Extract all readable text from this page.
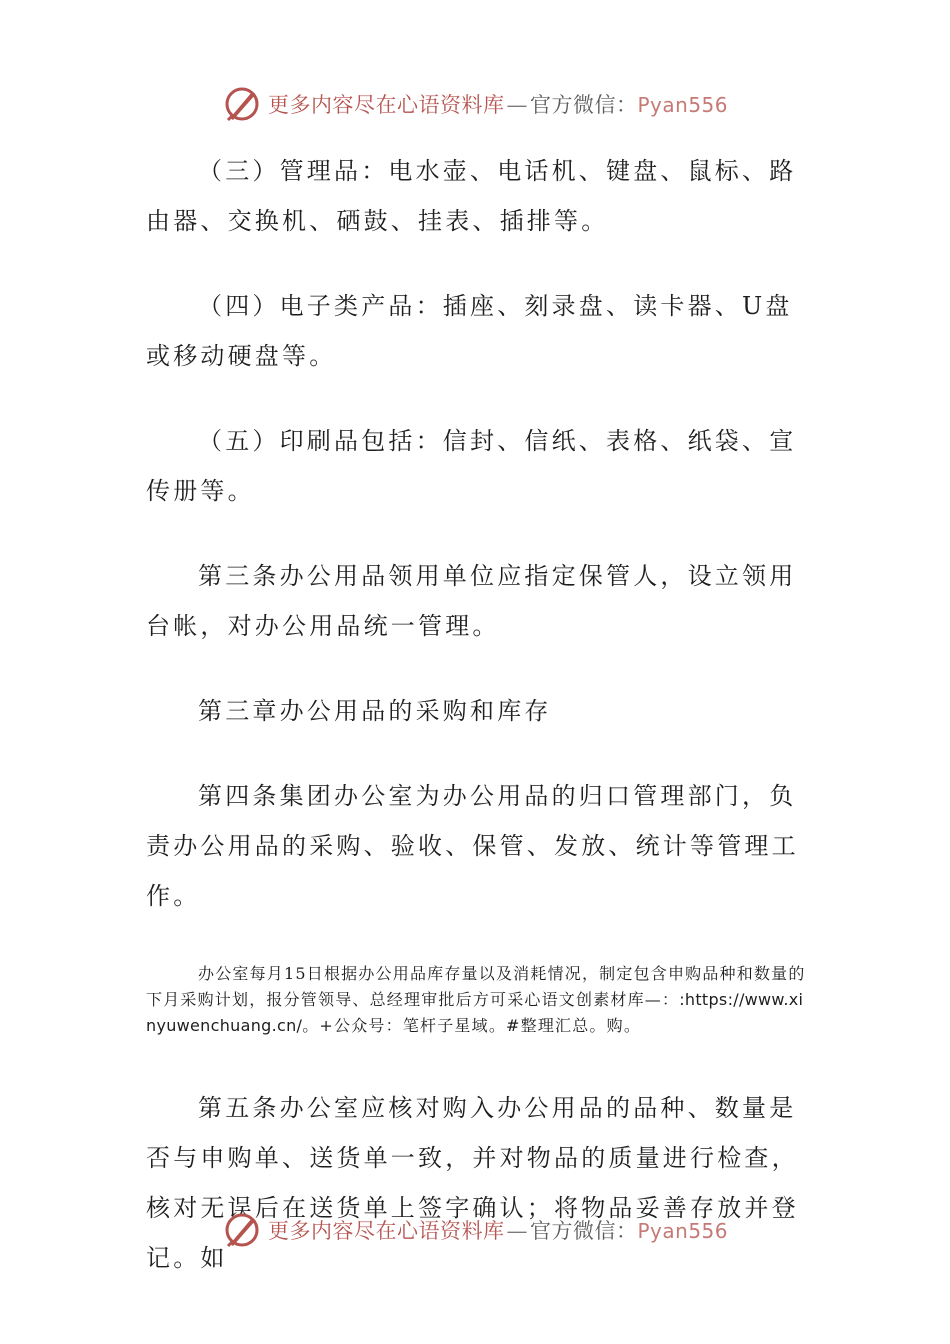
更多内容尽在心语资料库—官方微信：Pyan556

（三）管理品：电水壶、电话机、键盘、鼠标、路由器、交换机、硒鼓、挂表、插排等。

（四）电子类产品：插座、刻录盘、读卡器、U盘或移动硬盘等。

（五）印刷品包括：信封、信纸、表格、纸袋、宣传册等。

第三条办公用品领用单位应指定保管人，设立领用台帐，对办公用品统一管理。

第三章办公用品的采购和库存

第四条集团办公室为办公用品的归口管理部门，负责办公用品的采购、验收、保管、发放、统计等管理工作。

办公室每月15日根据办公用品库存量以及消耗情况，制定包含申购品种和数量的下月采购计划，报分管领导、总经理审批后方可采心语文创素材库—：:https://www.xinyuwenchuang.cn/。+公众号：笔杆子星域。#整理汇总。购。

第五条办公室应核对购入办公用品的品种、数量是否与申购单、送货单一致，并对物品的质量进行检查，核对无误后在送货单上签字确认；将物品妥善存放并登记。如

更多内容尽在心语资料库—官方微信：Pyan556
